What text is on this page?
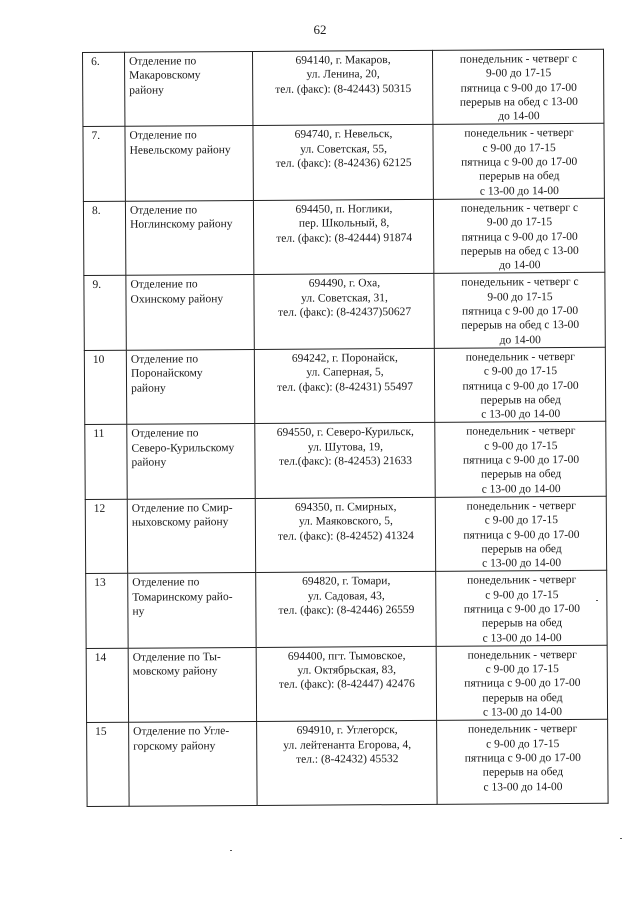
62
6.	Отделение по
Макаровскому
району	694140, г. Макаров,
ул. Ленина, 20,
тел. (факс): (8-42443) 50315	понедельник - четверг с
9-00 до 17-15
пятница с 9-00 до 17-00
перерыв на обед с 13-00
до 14-00

7.	Отделение по
Невельскому району	694740, г. Невельск,
ул. Советская, 55,
тел. (факс): (8-42436) 62125	понедельник - четверг
с 9-00 до 17-15
пятница с 9-00 до 17-00
перерыв на обед
с 13-00 до 14-00

8.	Отделение по
Ноглинскому району	694450, п. Ноглики,
пер. Школьный, 8,
тел. (факс): (8-42444) 91874	понедельник - четверг с
9-00 до 17-15
пятница с 9-00 до 17-00
перерыв на обед с 13-00
до 14-00

9.	Отделение по
Охинскому району	694490, г. Оха,
ул. Советская, 31,
тел. (факс): (8-42437)50627	понедельник - четверг с
9-00 до 17-15
пятница с 9-00 до 17-00
перерыв на обед с 13-00
до 14-00

10	Отделение по
Поронайскому
району	694242, г. Поронайск,
ул. Саперная, 5,
тел. (факс): (8-42431) 55497	понедельник - четверг
с 9-00 до 17-15
пятница с 9-00 до 17-00
перерыв на обед
с 13-00 до 14-00

11	Отделение по
Северо-Курильскому
району	694550, г. Северо-Курильск,
ул. Шутова, 19,
тел.(факс): (8-42453) 21633	понедельник - четверг
с 9-00 до 17-15
пятница с 9-00 до 17-00
перерыв на обед
с 13-00 до 14-00

12	Отделение по Смир-
ныховскому району	694350, п. Смирных,
ул. Маяковского, 5,
тел. (факс): (8-42452) 41324	понедельник - четверг
с 9-00 до 17-15
пятница с 9-00 до 17-00
перерыв на обед
с 13-00 до 14-00

13	Отделение по
Томаринскому райо-
ну	694820, г. Томари,
ул. Садовая, 43,
тел. (факс): (8-42446) 26559	понедельник - четверг
с 9-00 до 17-15
пятница с 9-00 до 17-00
перерыв на обед
с 13-00 до 14-00

14	Отделение по Ты-
мовскому району	694400, пгт. Тымовское,
ул. Октябрьская, 83,
тел. (факс): (8-42447) 42476	понедельник - четверг
с 9-00 до 17-15
пятница с 9-00 до 17-00
перерыв на обед
с 13-00 до 14-00

15	Отделение по Угле-
горскому району	694910, г. Углегорск,
ул. лейтенанта Егорова, 4,
тел.: (8-42432) 45532	понедельник - четверг
с 9-00 до 17-15
пятница с 9-00 до 17-00
перерыв на обед
с 13-00 до 14-00
